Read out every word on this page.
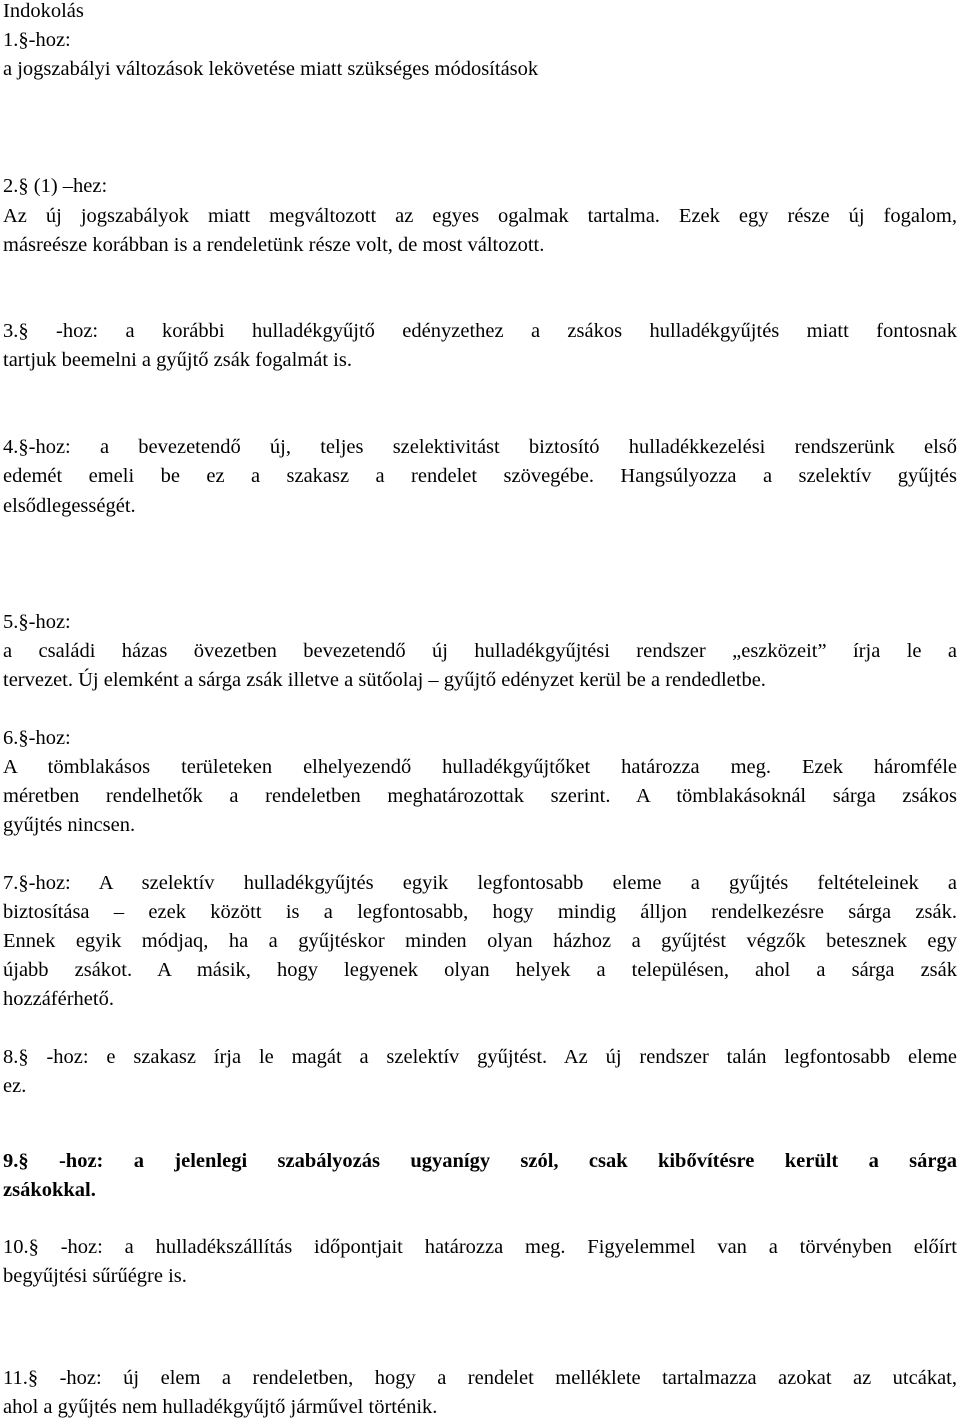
Indokolás
1.§-hoz:
a jogszabályi változások lekövetése miatt szükséges módosítások
2.§ (1) –hez:
Az új jogszabályok miatt megváltozott az egyes ogalmak tartalma. Ezek egy része új fogalom,
másreésze korábban is a rendeletünk része volt, de most változott.
3.§ -hoz: a korábbi hulladékgyűjtő edényzethez a zsákos hulladékgyűjtés miatt fontosnak
tartjuk beemelni a gyűjtő zsák fogalmát is.
4.§-hoz: a bevezetendő új, teljes szelektivitást biztosító hulladékkezelési rendszerünk első
edemét emeli be ez a szakasz a rendelet szövegébe. Hangsúlyozza a szelektív gyűjtés
elsődlegességét.
5.§-hoz:
a családi házas övezetben bevezetendő új hulladékgyűjtési rendszer „eszközeit” írja le a
tervezet. Új elemként a sárga zsák illetve a sütőolaj – gyűjtő edényzet kerül be a rendedletbe.
6.§-hoz:
A tömblakásos területeken elhelyezendő hulladékgyűjtőket határozza meg. Ezek háromféle
méretben rendelhetők a rendeletben meghatározottak szerint. A tömblakásoknál sárga zsákos
gyűjtés nincsen.
7.§-hoz: A szelektív hulladékgyűjtés egyik legfontosabb eleme a gyűjtés feltételeinek a
biztosítása – ezek között is a legfontosabb, hogy mindig álljon rendelkezésre sárga zsák.
Ennek egyik módjaq, ha a gyűjtéskor minden olyan házhoz a gyűjtést végzők betesznek egy
újabb zsákot. A másik, hogy legyenek olyan helyek a településen, ahol a sárga zsák
hozzáférhető.
8.§ -hoz: e szakasz írja le magát a szelektív gyűjtést. Az új rendszer talán legfontosabb eleme
ez.
9.§ -hoz: a jelenlegi szabályozás ugyanígy szól, csak kibővítésre került a sárga
zsákokkal.
10.§ -hoz: a hulladékszállítás időpontjait határozza meg. Figyelemmel van a törvényben előírt
begyűjtési sűrűégre is.
11.§ -hoz: új elem a rendeletben, hogy a rendelet melléklete tartalmazza azokat az utcákat,
ahol a gyűjtés nem hulladékgyűjtő járművel történik.
